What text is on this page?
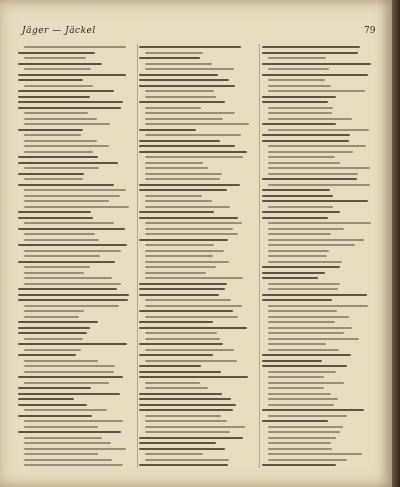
Jäger — Jäckel	79
